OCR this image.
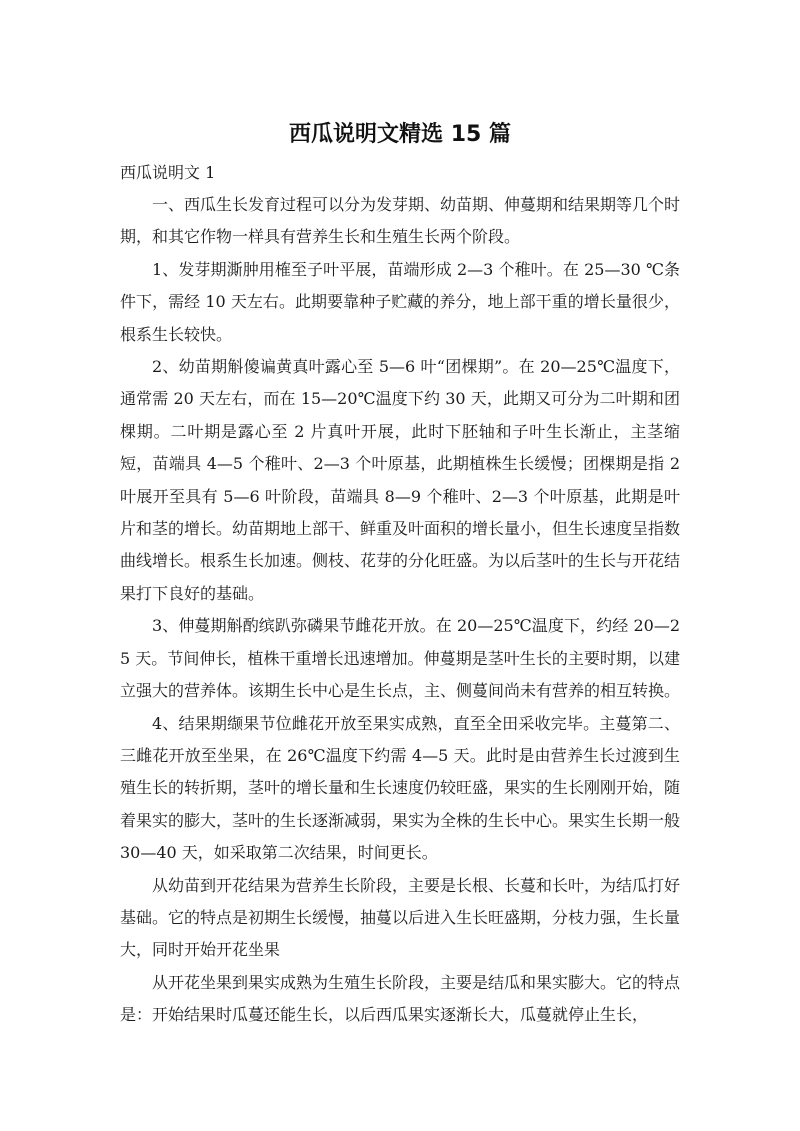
西瓜说明文精选 15 篇

西瓜说明文 1

一、西瓜生长发育过程可以分为发芽期、幼苗期、伸蔓期和结果期等几个时期，和其它作物一样具有营养生长和生殖生长两个阶段。

1、发芽期澌肿用榷至子叶平展，苗端形成 2—3 个稚叶。在 25—30 ℃条件下，需经 10 天左右。此期要靠种子贮藏的养分，地上部干重的增长量很少，根系生长较快。

2、幼苗期斛傻谝黄真叶露心至 5—6 叶“团棵期”。在 20—25℃温度下，通常需 20 天左右，而在 15—20℃温度下约 30 天，此期又可分为二叶期和团棵期。二叶期是露心至 2 片真叶开展，此时下胚轴和子叶生长渐止，主茎缩短，苗端具 4—5 个稚叶、2—3 个叶原基，此期植株生长缓慢；团棵期是指 2 叶展开至具有 5—6 叶阶段，苗端具 8—9 个稚叶、2—3 个叶原基，此期是叶片和茎的增长。幼苗期地上部干、鲜重及叶面积的增长量小，但生长速度呈指数曲线增长。根系生长加速。侧枝、花芽的分化旺盛。为以后茎叶的生长与开花结果打下良好的基础。

3、伸蔓期斛酌缤趴弥磷果节雌花开放。在 20—25℃温度下，约经 20—25 天。节间伸长，植株干重增长迅速增加。伸蔓期是茎叶生长的主要时期，以建立强大的营养体。该期生长中心是生长点，主、侧蔓间尚未有营养的相互转换。

4、结果期缬果节位雌花开放至果实成熟，直至全田采收完毕。主蔓第二、三雌花开放至坐果，在 26℃温度下约需 4—5 天。此时是由营养生长过渡到生殖生长的转折期，茎叶的增长量和生长速度仍较旺盛，果实的生长刚刚开始，随着果实的膨大，茎叶的生长逐渐减弱，果实为全株的生长中心。果实生长期一般 30—40 天，如采取第二次结果，时间更长。

从幼苗到开花结果为营养生长阶段，主要是长根、长蔓和长叶，为结瓜打好基础。它的特点是初期生长缓慢，抽蔓以后进入生长旺盛期，分枝力强，生长量大，同时开始开花坐果

从开花坐果到果实成熟为生殖生长阶段，主要是结瓜和果实膨大。它的特点是：开始结果时瓜蔓还能生长，以后西瓜果实逐渐长大，瓜蔓就停止生长，
